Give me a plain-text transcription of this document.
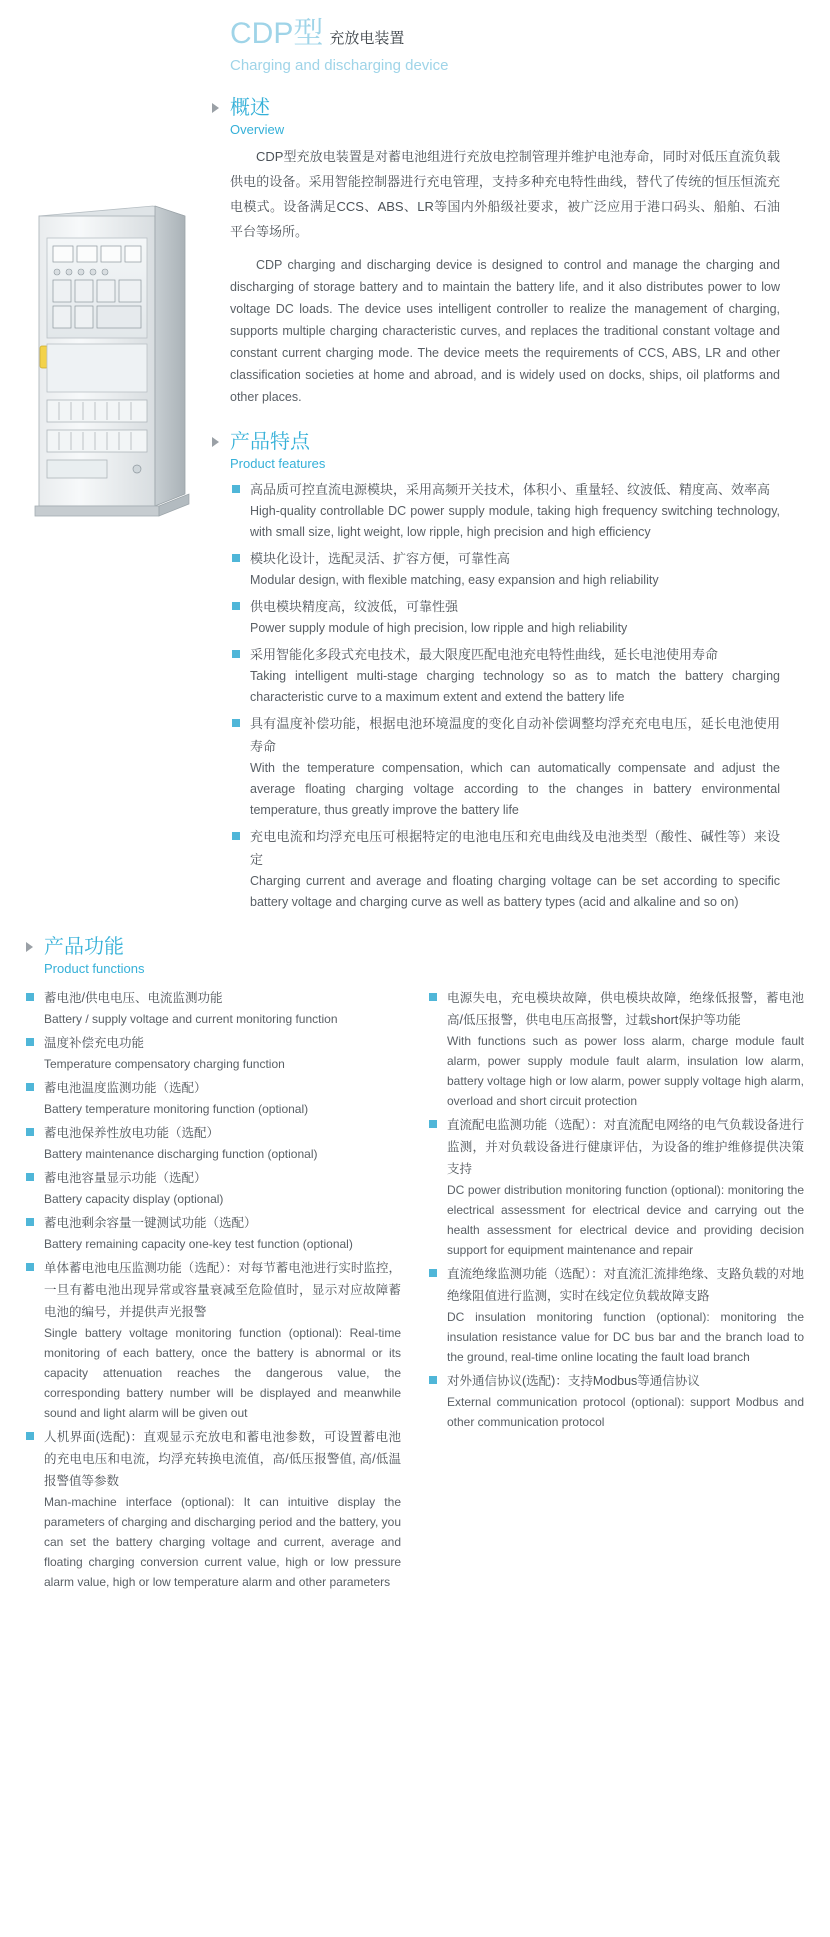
CDP型 充放电装置
Charging and discharging device
概述
Overview

CDP型充放电装置是对蓄电池组进行充放电控制管理并维护电池寿命，同时对低压直流负载供电的设备。采用智能控制器进行充电管理，支持多种充电特性曲线，替代了传统的恒压恒流充电模式。设备满足CCS、ABS、LR等国内外船级社要求，被广泛应用于港口码头、船舶、石油平台等场所。

CDP charging and discharging device is designed to control and manage the charging and discharging of storage battery and to maintain the battery life, and it also distributes power to low voltage DC loads. The device uses intelligent controller to realize the management of charging, supports multiple charging characteristic curves, and replaces the traditional constant voltage and constant current charging mode. The device meets the requirements of CCS, ABS, LR and other classification societies at home and abroad, and is widely used on docks, ships, oil platforms and other places.

产品特点
Product features
高品质可控直流电源模块，采用高频开关技术，体积小、重量轻、纹波低、精度高、效率高
High-quality controllable DC power supply module, taking high frequency switching technology, with small size, light weight, low ripple, high precision and high efficiency
模块化设计，选配灵活、扩容方便，可靠性高
Modular design, with flexible matching, easy expansion and high reliability
供电模块精度高，纹波低，可靠性强
Power supply module of high precision, low ripple and high reliability
采用智能化多段式充电技术，最大限度匹配电池充电特性曲线，延长电池使用寿命
Taking intelligent multi-stage charging technology so as to match the battery charging characteristic curve to a maximum extent and extend the battery life
具有温度补偿功能，根据电池环境温度的变化自动补偿调整均浮充充电电压，延长电池使用寿命
With the temperature compensation, which can automatically compensate and adjust the average floating charging voltage according to the changes in battery environmental temperature, thus greatly improve the battery life
充电电流和均浮充电压可根据特定的电池电压和充电曲线及电池类型（酸性、碱性等）来设定
Charging current and average and floating charging voltage can be set according to specific battery voltage and charging curve as well as battery types (acid and alkaline and so on)
产品功能
Product functions
蓄电池/供电电压、电流监测功能
Battery / supply voltage and current monitoring function
温度补偿充电功能
Temperature compensatory charging function
蓄电池温度监测功能（选配）
Battery temperature monitoring function (optional)
蓄电池保养性放电功能（选配）
Battery maintenance discharging function (optional)
蓄电池容量显示功能（选配）
Battery capacity display (optional)
蓄电池剩余容量一键测试功能（选配）
Battery remaining capacity one-key test function (optional)
单体蓄电池电压监测功能（选配）：对每节蓄电池进行实时监控，一旦有蓄电池出现异常或容量衰减至危险值时，显示对应故障蓄电池的编号，并提供声光报警
Single battery voltage monitoring function (optional): Real-time monitoring of each battery, once the battery is abnormal or its capacity attenuation reaches the dangerous value, the corresponding battery number will be displayed and meanwhile sound and light alarm will be given out
人机界面(选配)：直观显示充放电和蓄电池参数，可设置蓄电池的充电电压和电流，均浮充转换电流值，高/低压报警值, 高/低温报警值等参数
Man-machine interface (optional): It can intuitive display the parameters of charging and discharging period and the battery, you can set the battery charging voltage and current, average and floating charging conversion current value, high or low pressure alarm value, high or low temperature alarm and other parameters
电源失电，充电模块故障，供电模块故障，绝缘低报警，蓄电池高/低压报警，供电电压高报警，过载short保护等功能
With functions such as power loss alarm, charge module fault alarm, power supply module fault alarm, insulation low alarm, battery voltage high or low alarm, power supply voltage high alarm, overload and short circuit protection
直流配电监测功能（选配）：对直流配电网络的电气负载设备进行监测，并对负载设备进行健康评估，为设备的维护维修提供决策支持
DC power distribution monitoring function (optional): monitoring the electrical assessment for electrical device and carrying out the health assessment for electrical device and providing decision support for equipment maintenance and repair
直流绝缘监测功能（选配）：对直流汇流排绝缘、支路负载的对地绝缘阻值进行监测，实时在线定位负载故障支路
DC insulation monitoring function (optional): monitoring the insulation resistance value for DC bus bar and the branch load to the ground, real-time online locating the fault load branch
对外通信协议(选配)：支持Modbus等通信协议
External communication protocol (optional): support Modbus and other communication protocol
